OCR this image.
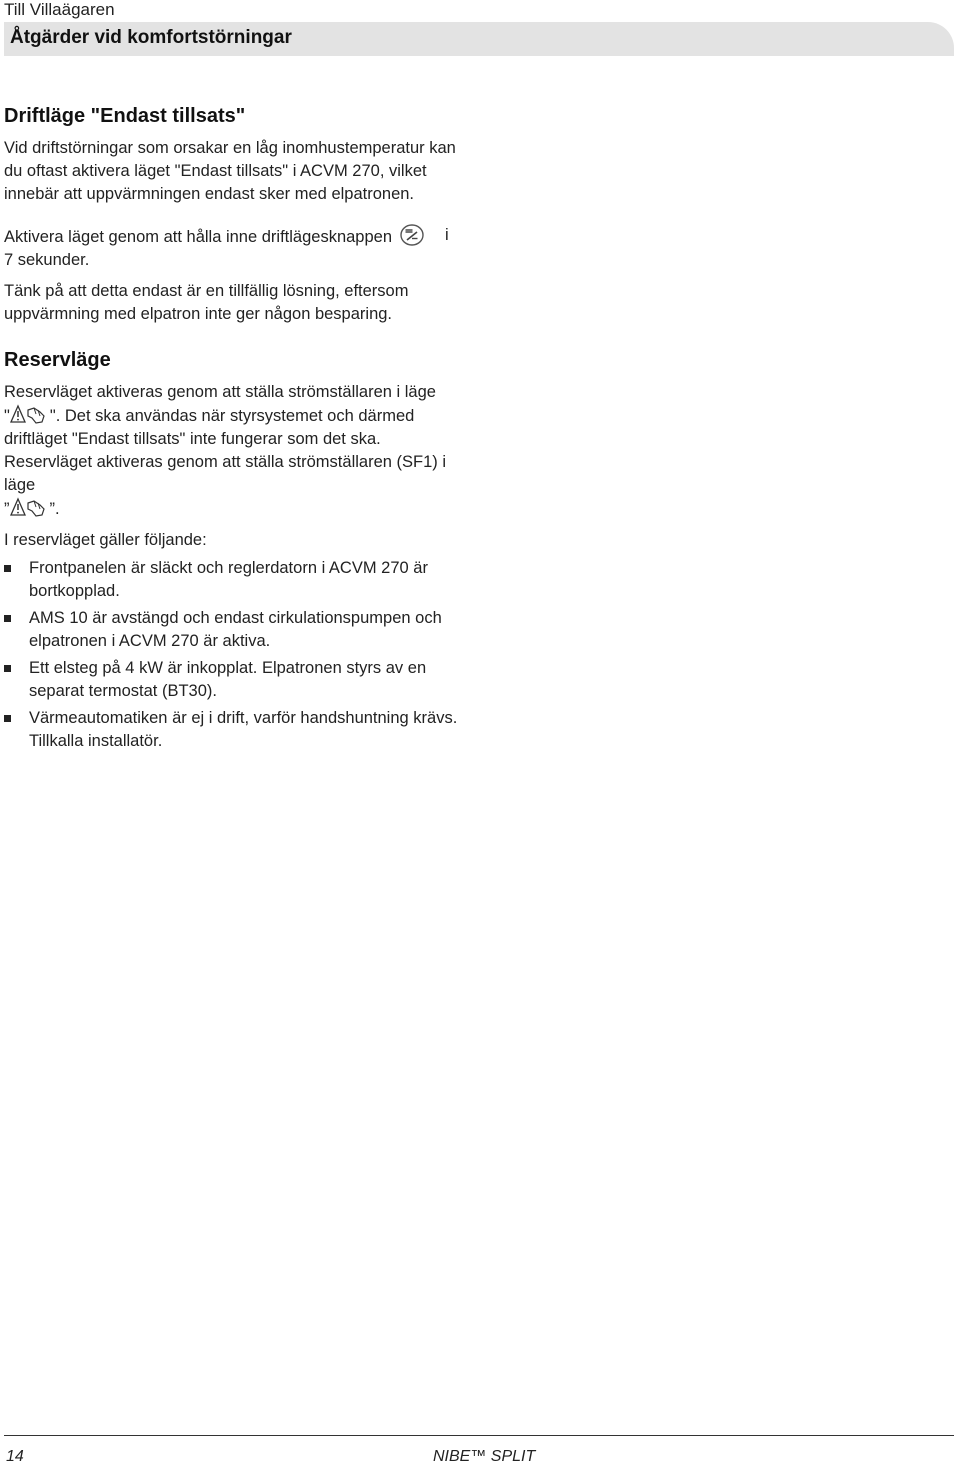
Till Villaägaren
Åtgärder vid komfortstörningar
Driftläge "Endast tillsats"

Vid driftstörningar som orsakar en låg inomhustemperatur kan du oftast aktivera läget "Endast tillsats" i ACVM 270, vilket innebär att uppvärmningen endast sker med elpatronen.

Aktivera läget genom att hålla inne driftlägesknappen	i

7 sekunder.

Tänk på att detta endast är en tillfällig lösning, eftersom uppvärmning med elpatron inte ger någon besparing.

Reservläge

Reservläget aktiveras genom att ställa strömställaren i läge
" ". Det ska användas när styrsystemet och därmed driftläget "Endast tillsats" inte fungerar som det ska. Reservläget aktiveras genom att ställa strömställaren (SF1) i läge
” ”.

I reservläget gäller följande:

Frontpanelen är släckt och reglerdatorn i ACVM 270 är bortkopplad.
AMS 10 är avstängd och endast cirkulationspumpen och elpatronen i ACVM 270 är aktiva.
Ett elsteg på 4 kW är inkopplat. Elpatronen styrs av en separat termostat (BT30).
Värmeautomatiken är ej i drift, varför handshuntning krävs. Tillkalla installatör.
14	NIBE™ SPLIT
